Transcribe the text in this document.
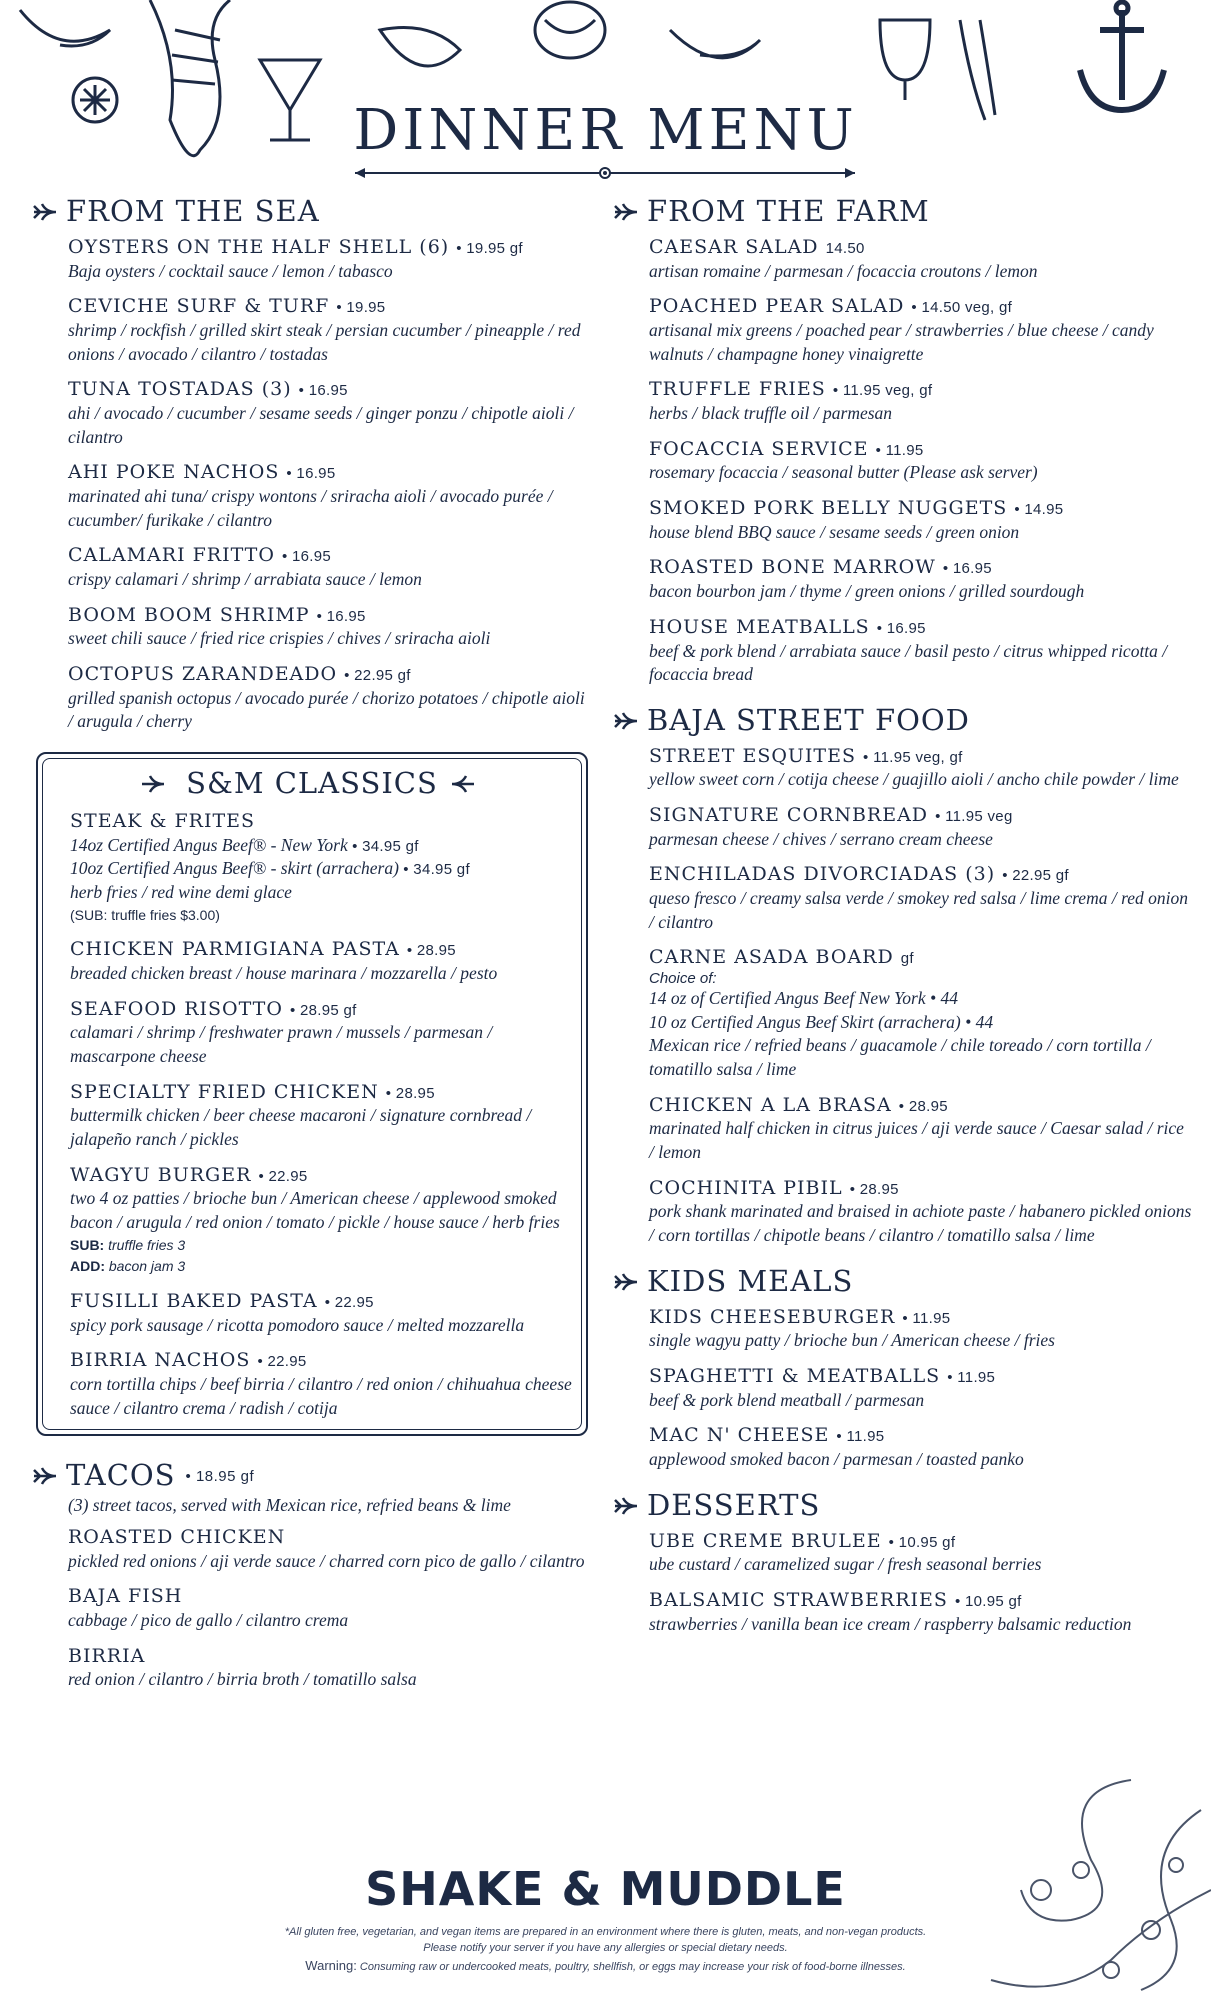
DINNER MENU
FROM THE SEA
OYSTERS ON THE HALF SHELL (6) • 19.95 gf
Baja oysters / cocktail sauce / lemon / tabasco
CEVICHE SURF & TURF • 19.95
shrimp / rockfish / grilled skirt steak / persian cucumber / pineapple / red onions / avocado / cilantro / tostadas
TUNA TOSTADAS (3) • 16.95
ahi / avocado / cucumber / sesame seeds / ginger ponzu / chipotle aioli / cilantro
AHI POKE NACHOS • 16.95
marinated ahi tuna/ crispy wontons / sriracha aioli / avocado purée / cucumber/ furikake / cilantro
CALAMARI FRITTO • 16.95
crispy calamari / shrimp / arrabiata sauce / lemon
BOOM BOOM SHRIMP • 16.95
sweet chili sauce / fried rice crispies / chives / sriracha aioli
OCTOPUS ZARANDEADO • 22.95 gf
grilled spanish octopus / avocado purée / chorizo potatoes / chipotle aioli / arugula / cherry
S&M CLASSICS
STEAK & FRITES
14oz Certified Angus Beef® - New York • 34.95 gf
10oz Certified Angus Beef® - skirt (arrachera) • 34.95 gf
herb fries / red wine demi glace
(SUB: truffle fries $3.00)
CHICKEN PARMIGIANA PASTA • 28.95
breaded chicken breast / house marinara / mozzarella / pesto
SEAFOOD RISOTTO • 28.95 gf
calamari / shrimp / freshwater prawn / mussels / parmesan / mascarpone cheese
SPECIALTY FRIED CHICKEN • 28.95
buttermilk chicken / beer cheese macaroni / signature cornbread / jalapeño ranch / pickles
WAGYU BURGER • 22.95
two 4 oz patties / brioche bun / American cheese / applewood smoked bacon / arugula / red onion / tomato / pickle / house sauce / herb fries
SUB: truffle fries 3
ADD: bacon jam 3
FUSILLI BAKED PASTA • 22.95
spicy pork sausage / ricotta pomodoro sauce / melted mozzarella
BIRRIA NACHOS • 22.95
corn tortilla chips / beef birria / cilantro / red onion / chihuahua cheese sauce / cilantro crema / radish / cotija
TACOS • 18.95 gf
(3) street tacos, served with Mexican rice, refried beans & lime
ROASTED CHICKEN
pickled red onions / aji verde sauce / charred corn pico de gallo / cilantro
BAJA FISH
cabbage / pico de gallo / cilantro crema
BIRRIA
red onion / cilantro / birria broth / tomatillo salsa
FROM THE FARM
CAESAR SALAD 14.50
artisan romaine / parmesan / focaccia croutons / lemon
POACHED PEAR SALAD • 14.50 veg, gf
artisanal mix greens / poached pear / strawberries / blue cheese / candy walnuts / champagne honey vinaigrette
TRUFFLE FRIES • 11.95 veg, gf
herbs / black truffle oil / parmesan
FOCACCIA SERVICE • 11.95
rosemary focaccia / seasonal butter (Please ask server)
SMOKED PORK BELLY NUGGETS • 14.95
house blend BBQ sauce / sesame seeds / green onion
ROASTED BONE MARROW • 16.95
bacon bourbon jam / thyme / green onions / grilled sourdough
HOUSE MEATBALLS • 16.95
beef & pork blend / arrabiata sauce / basil pesto / citrus whipped ricotta / focaccia bread
BAJA STREET FOOD
STREET ESQUITES • 11.95 veg, gf
yellow sweet corn / cotija cheese / guajillo aioli / ancho chile powder / lime
SIGNATURE CORNBREAD • 11.95 veg
parmesan cheese / chives / serrano cream cheese
ENCHILADAS DIVORCIADAS (3) • 22.95 gf
queso fresco / creamy salsa verde / smokey red salsa / lime crema / red onion / cilantro
CARNE ASADA BOARD gf
Choice of:
14 oz of Certified Angus Beef New York • 44
10 oz Certified Angus Beef Skirt (arrachera) • 44
Mexican rice / refried beans / guacamole / chile toreado / corn tortilla / tomatillo salsa / lime
CHICKEN A LA BRASA • 28.95
marinated half chicken in citrus juices / aji verde sauce / Caesar salad / rice / lemon
COCHINITA PIBIL • 28.95
pork shank marinated and braised in achiote paste / habanero pickled onions / corn tortillas / chipotle beans / cilantro / tomatillo salsa / lime
KIDS MEALS
KIDS CHEESEBURGER • 11.95
single wagyu patty / brioche bun / American cheese / fries
SPAGHETTI & MEATBALLS • 11.95
beef & pork blend meatball / parmesan
MAC N' CHEESE • 11.95
applewood smoked bacon / parmesan / toasted panko
DESSERTS
UBE CREME BRULEE • 10.95 gf
ube custard / caramelized sugar / fresh seasonal berries
BALSAMIC STRAWBERRIES • 10.95 gf
strawberries / vanilla bean ice cream / raspberry balsamic reduction
SHAKE & MUDDLE
*All gluten free, vegetarian, and vegan items are prepared in an environment where there is gluten, meats, and non-vegan products.
Please notify your server if you have any allergies or special dietary needs.
Warning: Consuming raw or undercooked meats, poultry, shellfish, or eggs may increase your risk of food-borne illnesses.
